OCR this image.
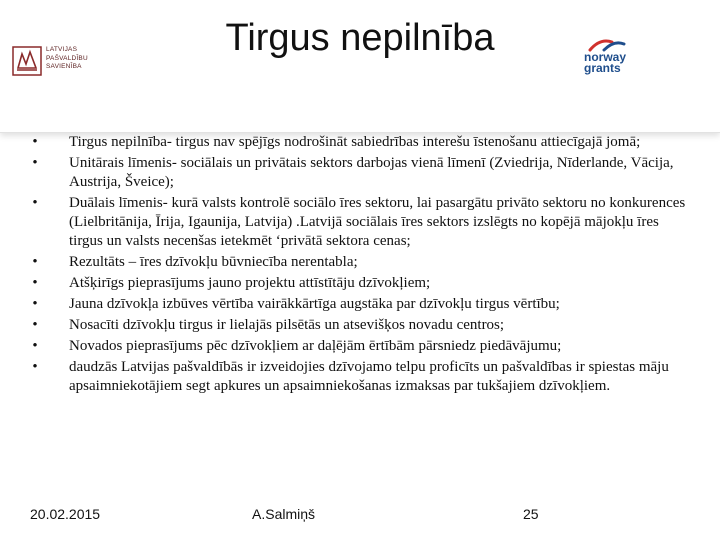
LATVIJAS
PAŠVALDĪBU
SAVIENĪBA
Tirgus nepilnība	norway
grants
• Tirgus nepilnība- tirgus nav spējīgs nodrošināt sabiedrības interešu īstenošanu attiecīgajā jomā;
• Unitārais līmenis- sociālais un privātais sektors darbojas vienā līmenī (Zviedrija, Nīderlande, Vācija, Austrija, Šveice);
• Duālais līmenis- kurā valsts kontrolē sociālo īres sektoru, lai pasargātu privāto sektoru no konkurences (Lielbritānija, Īrija, Igaunija, Latvija) .Latvijā sociālais īres sektors izslēgts no kopējā mājokļu īres tirgus un valsts necenšas ietekmēt ‘privātā sektora cenas;
• Rezultāts – īres dzīvokļu būvniecība nerentabla;
• Atšķirīgs pieprasījums jauno projektu attīstītāju dzīvokļiem;
• Jauna dzīvokļa izbūves vērtība vairākkārtīga augstāka par dzīvokļu tirgus vērtību;
• Nosacīti dzīvokļu tirgus ir lielajās pilsētās un atsevišķos novadu centros;
• Novados pieprasījums pēc dzīvokļiem ar daļējām ērtībām pārsniedz piedāvājumu;
• daudzās Latvijas pašvaldībās ir izveidojies dzīvojamo telpu proficīts un pašvaldības ir spiestas māju apsaimniekotājiem segt apkures un apsaimniekošanas izmaksas par tukšajiem dzīvokļiem.
20.02.2015	A.Salmiņš	25
